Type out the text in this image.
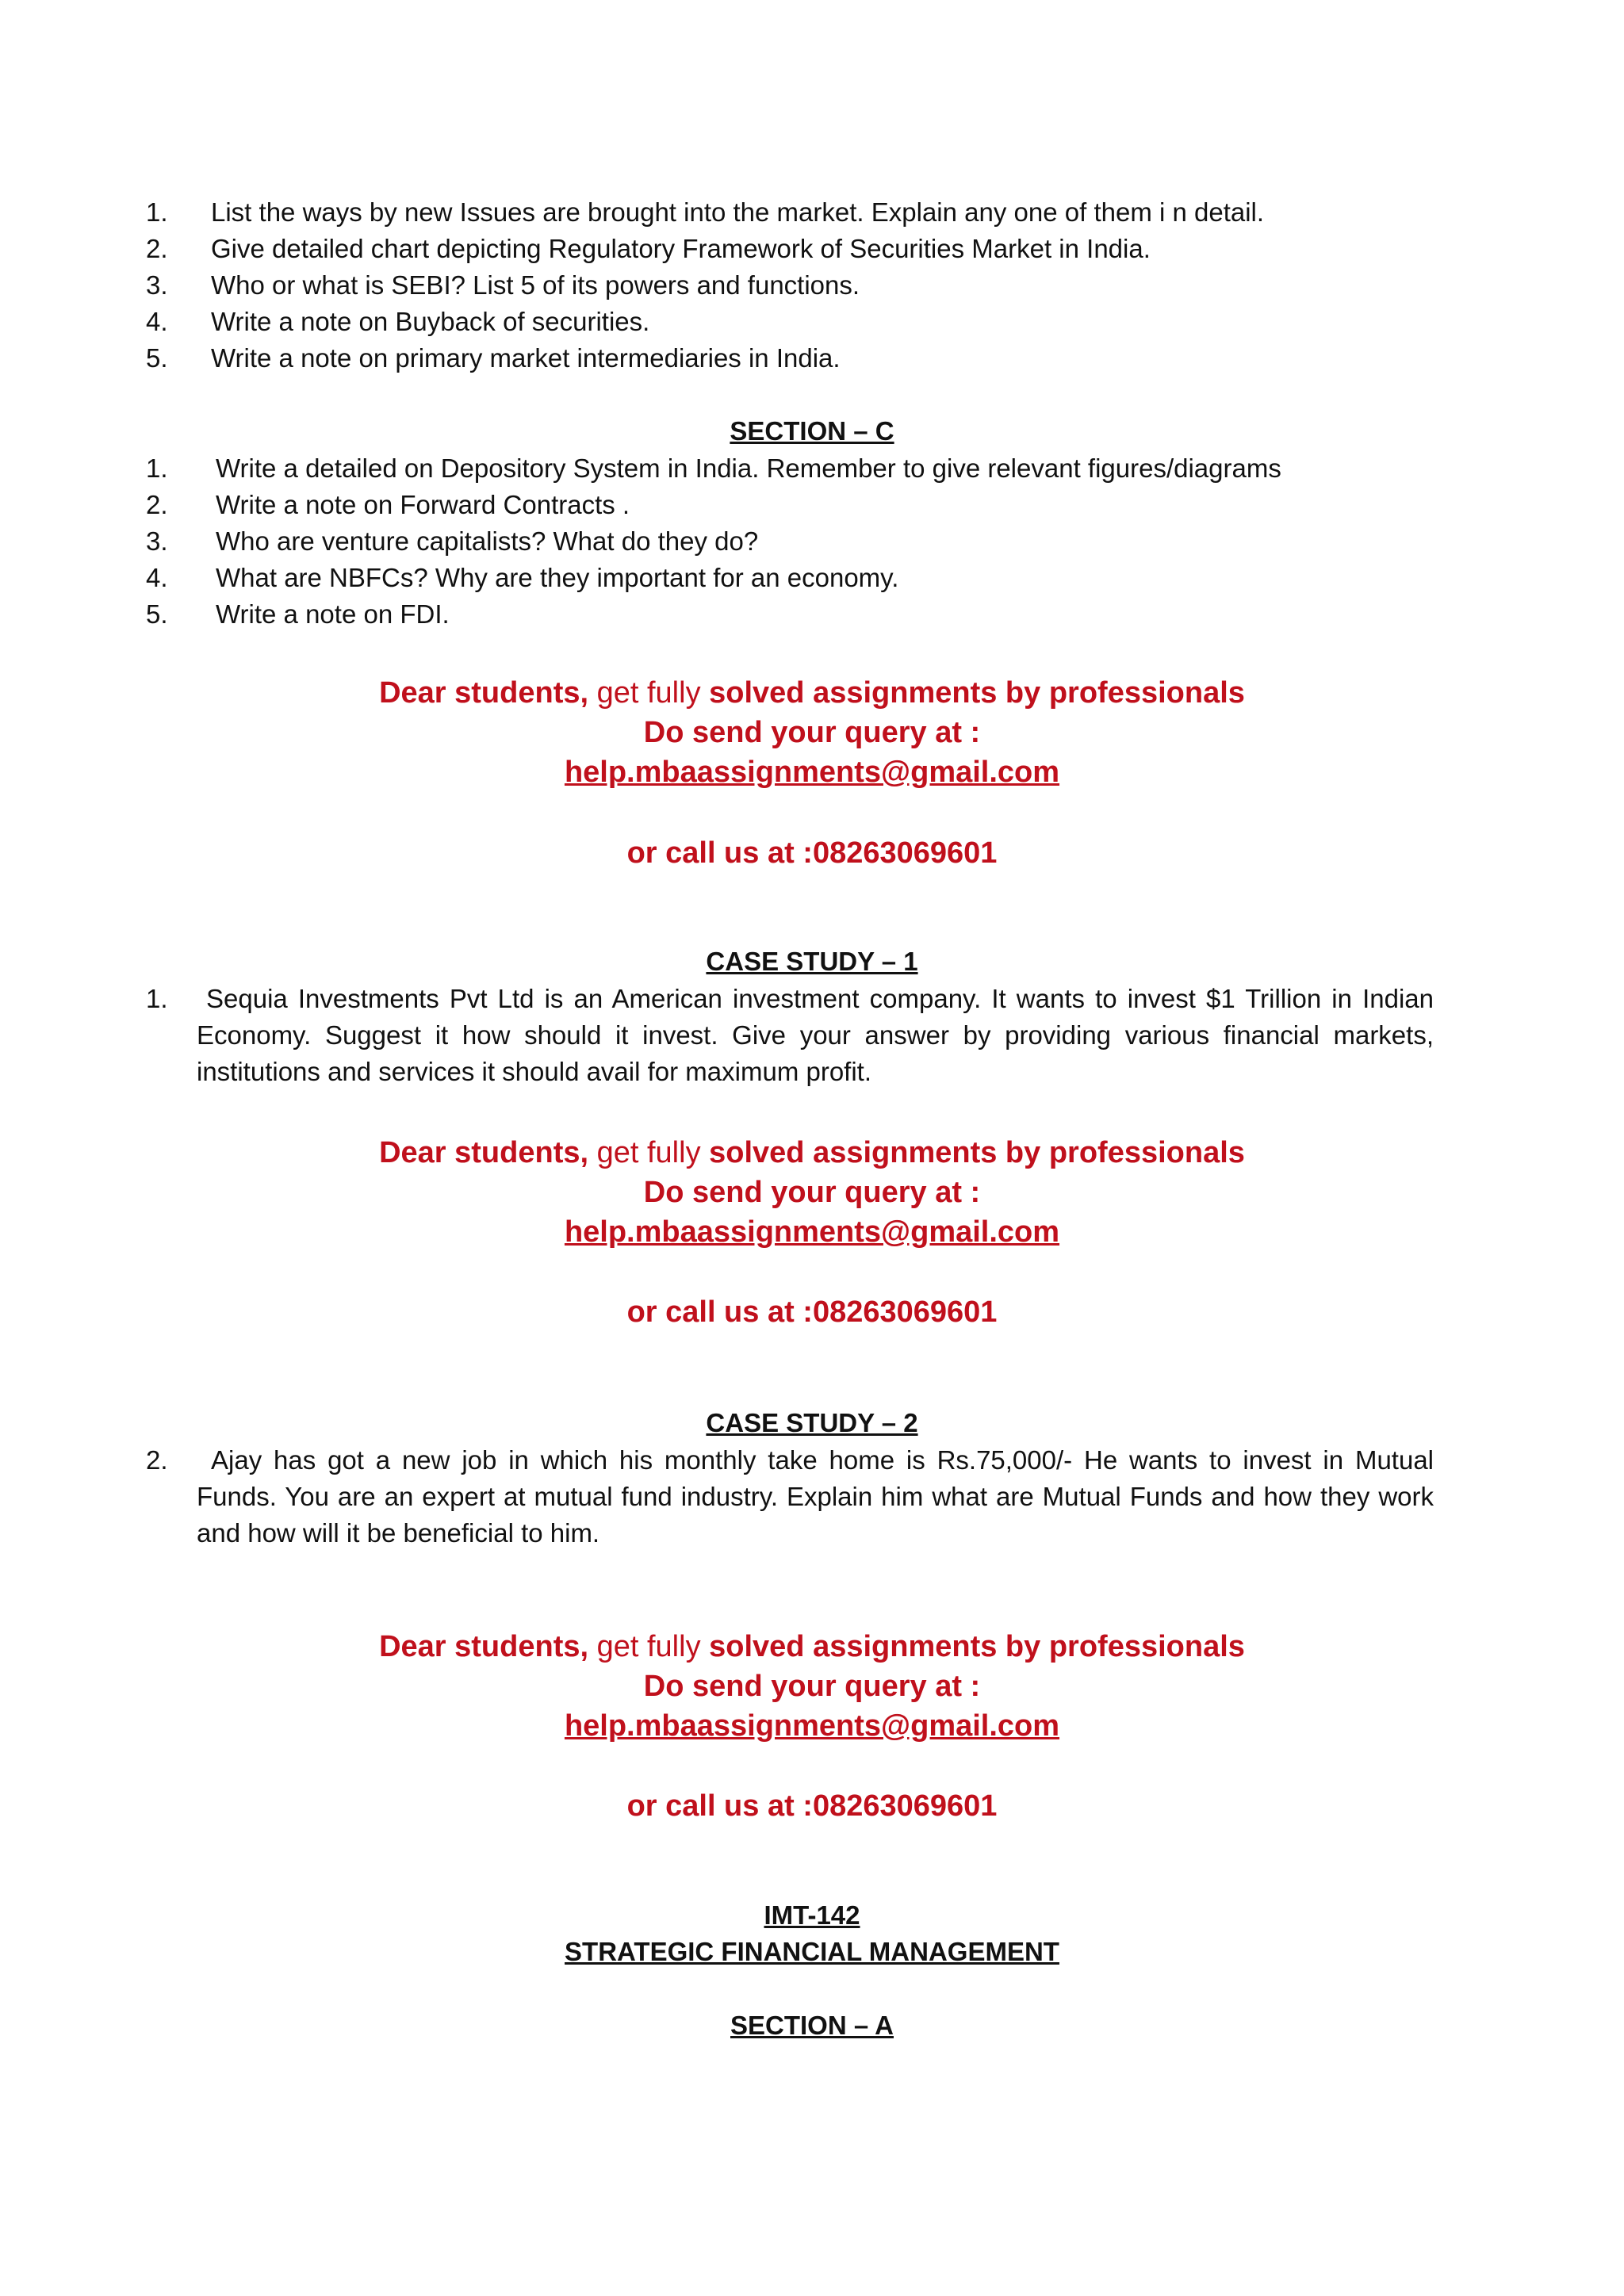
1.	List the ways by new Issues are brought into the market. Explain any one of them i n detail.
2.	Give detailed chart depicting Regulatory Framework of Securities Market in India.
3.	Who or what is SEBI? List 5 of its powers and functions.
4.	Write a note on Buyback of securities.
5.	Write a note on primary market intermediaries in India.
SECTION – C
1.	Write a detailed on Depository System in India. Remember to give relevant figures/diagrams
2.	Write a note on Forward Contracts .
3.	Who are venture capitalists? What do they do?
4.	What are NBFCs? Why are they important for an economy.
5.	Write a note on FDI.
Dear students, get fully solved assignments by professionals
Do send your query at :
help.mbaassignments@gmail.com
or call us at :08263069601
CASE STUDY – 1
1.	Sequia Investments Pvt Ltd is an American investment company. It wants to invest $1 Trillion in Indian Economy. Suggest it how should it invest. Give your answer by providing various financial markets, institutions and services it should avail for maximum profit.
Dear students, get fully solved assignments by professionals
Do send your query at :
help.mbaassignments@gmail.com
or call us at :08263069601
CASE STUDY – 2
2.	Ajay has got a new job in which his monthly take home is Rs.75,000/- He wants to invest in Mutual Funds. You are an expert at mutual fund industry. Explain him what are Mutual Funds and how they work and how will it be beneficial to him.
Dear students, get fully solved assignments by professionals
Do send your query at :
help.mbaassignments@gmail.com
or call us at :08263069601
IMT-142
STRATEGIC FINANCIAL MANAGEMENT
SECTION – A
